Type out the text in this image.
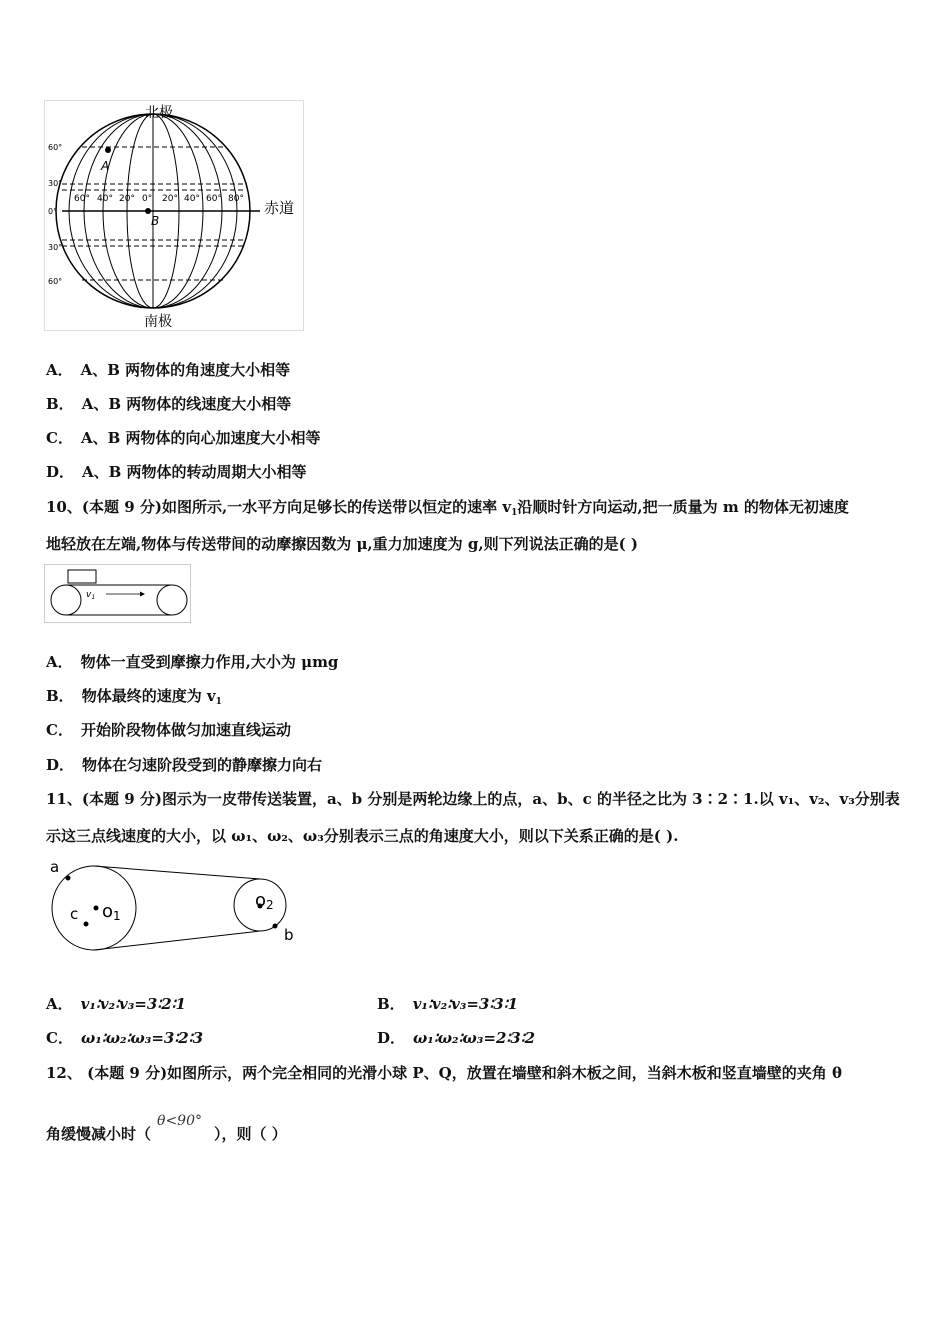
北极
南极
赤道
60°
30°
0°
30°
60°
60° 40° 20° 0° 20° 40° 60° 80°
A
B
A． A、B 两物体的角速度大小相等
B． A、B 两物体的线速度大小相等
C． A、B 两物体的向心加速度大小相等
D． A、B 两物体的转动周期大小相等
10、(本题 9 分)如图所示,一水平方向足够长的传送带以恒定的速率 $v_1$沿顺时针方向运动,把一质量为 m 的物体无初速度
地轻放在左端,物体与传送带间的动摩擦因数为 μ,重力加速度为 g,则下列说法正确的是( )
$v_1$
A． 物体一直受到摩擦力作用,大小为 μmg
B． 物体最终的速度为 $v_1$
C． 开始阶段物体做匀加速直线运动
D． 物体在匀速阶段受到的静摩擦力向右
11、(本题 9 分)图示为一皮带传送装置，a、b 分别是两轮边缘上的点，a、b、c 的半径之比为 3∶2∶1.以 v₁、v₂、v₃分别表
示这三点线速度的大小，以 ω₁、ω₂、ω₃分别表示三点的角速度大小，则以下关系正确的是( ).
a
b
c o1
o2
A． v₁∶v₂∶v₃=3∶2∶1	B． v₁∶v₂∶v₃=3∶3∶1
C． ω₁∶ω₂∶ω₃=3∶2∶3	D． ω₁∶ω₂∶ω₃=2∶3∶2
12、 (本题 9 分)如图所示，两个完全相同的光滑小球 P、Q，放置在墙壁和斜木板之间，当斜木板和竖直墙壁的夹角 θ
角缓慢减小时（θ<90°），则（ ）
